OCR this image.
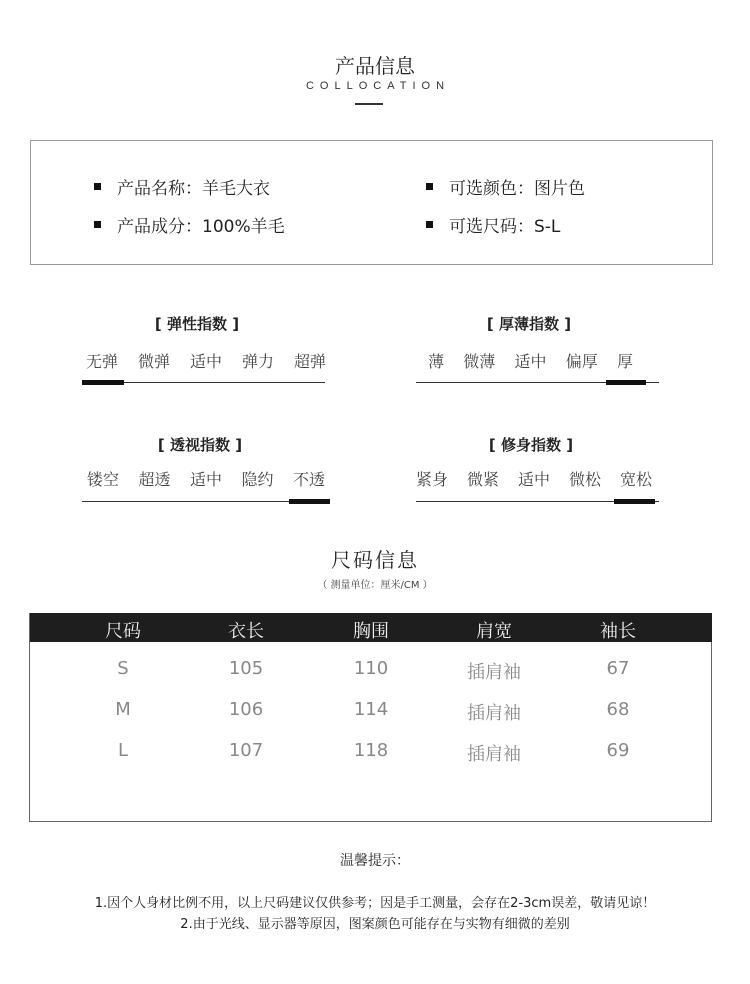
产品信息
COLLOCATION
产品名称：羊毛大衣	可选颜色：图片色
产品成分：100%羊毛	可选尺码：S-L
[ 弹性指数 ]
无弹 微弹 适中 弹力 超弹
[ 厚薄指数 ]
薄 微薄 适中 偏厚 厚
[ 透视指数 ]
镂空 超透 适中 隐约 不透
[ 修身指数 ]
紧身 微紧 适中 微松 宽松
尺码信息
（ 测量单位：厘米/CM ）
尺码	衣长	胸围	肩宽	袖长
S	105	110	插肩袖	67
M	106	114	插肩袖	68
L	107	118	插肩袖	69
温馨提示：
1.因个人身材比例不用，以上尺码建议仅供参考；因是手工测量，会存在2-3cm误差，敬请见谅！
2.由于光线、显示器等原因，图案颜色可能存在与实物有细微的差别
